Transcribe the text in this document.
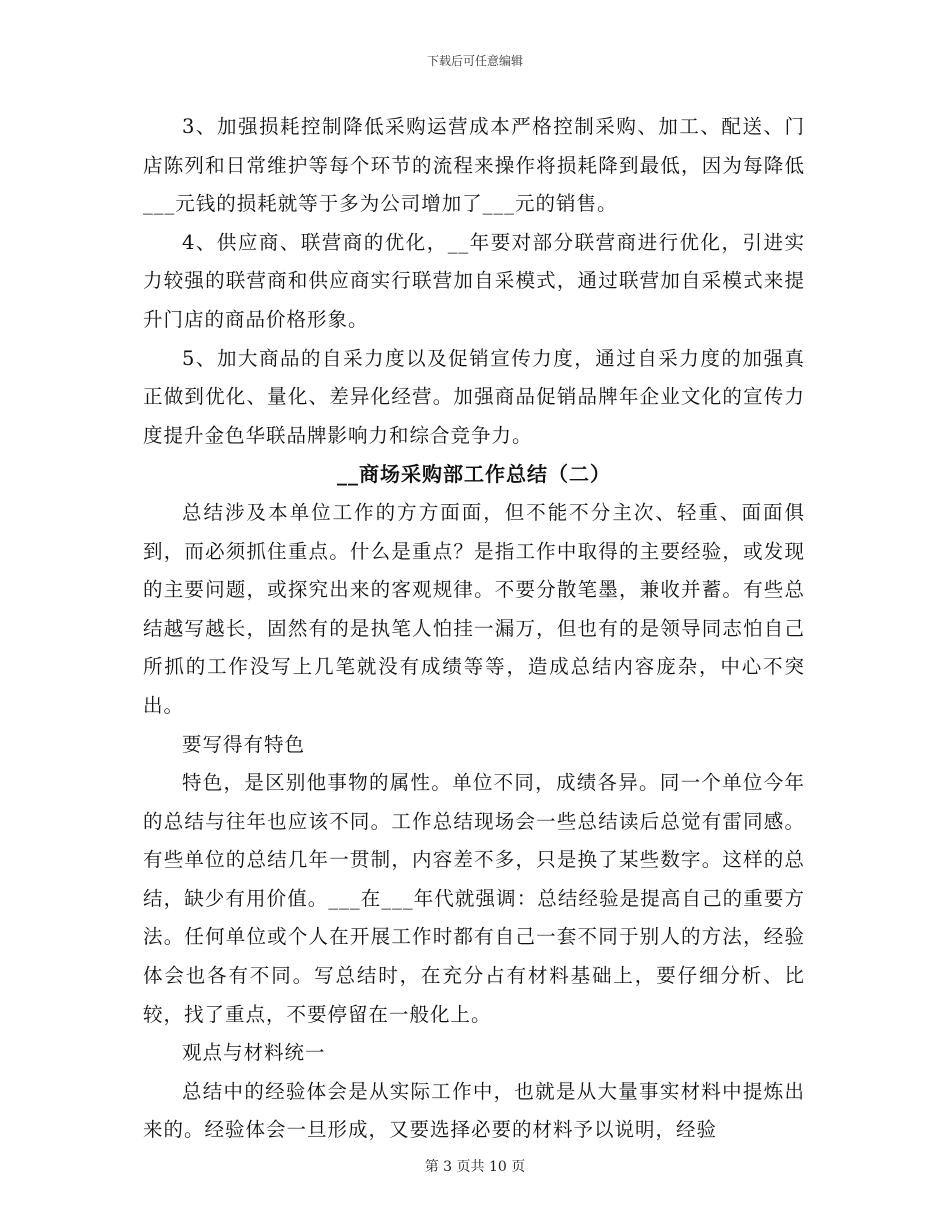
下载后可任意编辑

3、加强损耗控制降低采购运营成本严格控制采购、加工、配送、门店陈列和日常维护等每个环节的流程来操作将损耗降到最低，因为每降低___元钱的损耗就等于多为公司增加了___元的销售。

4、供应商、联营商的优化，__年要对部分联营商进行优化，引进实力较强的联营商和供应商实行联营加自采模式，通过联营加自采模式来提升门店的商品价格形象。

5、加大商品的自采力度以及促销宣传力度，通过自采力度的加强真正做到优化、量化、差异化经营。加强商品促销品牌年企业文化的宣传力度提升金色华联品牌影响力和综合竞争力。

__商场采购部工作总结（二）

总结涉及本单位工作的方方面面，但不能不分主次、轻重、面面俱到，而必须抓住重点。什么是重点？是指工作中取得的主要经验，或发现的主要问题，或探究出来的客观规律。不要分散笔墨，兼收并蓄。有些总结越写越长，固然有的是执笔人怕挂一漏万，但也有的是领导同志怕自己所抓的工作没写上几笔就没有成绩等等，造成总结内容庞杂，中心不突出。

要写得有特色

特色，是区别他事物的属性。单位不同，成绩各异。同一个单位今年的总结与往年也应该不同。工作总结现场会一些总结读后总觉有雷同感。有些单位的总结几年一贯制，内容差不多，只是换了某些数字。这样的总结，缺少有用价值。___在___年代就强调：总结经验是提高自己的重要方法。任何单位或个人在开展工作时都有自己一套不同于别人的方法，经验体会也各有不同。写总结时，在充分占有材料基础上，要仔细分析、比较，找了重点，不要停留在一般化上。

观点与材料统一

总结中的经验体会是从实际工作中，也就是从大量事实材料中提炼出来的。经验体会一旦形成，又要选择必要的材料予以说明，经验

第 3 页共 10 页
